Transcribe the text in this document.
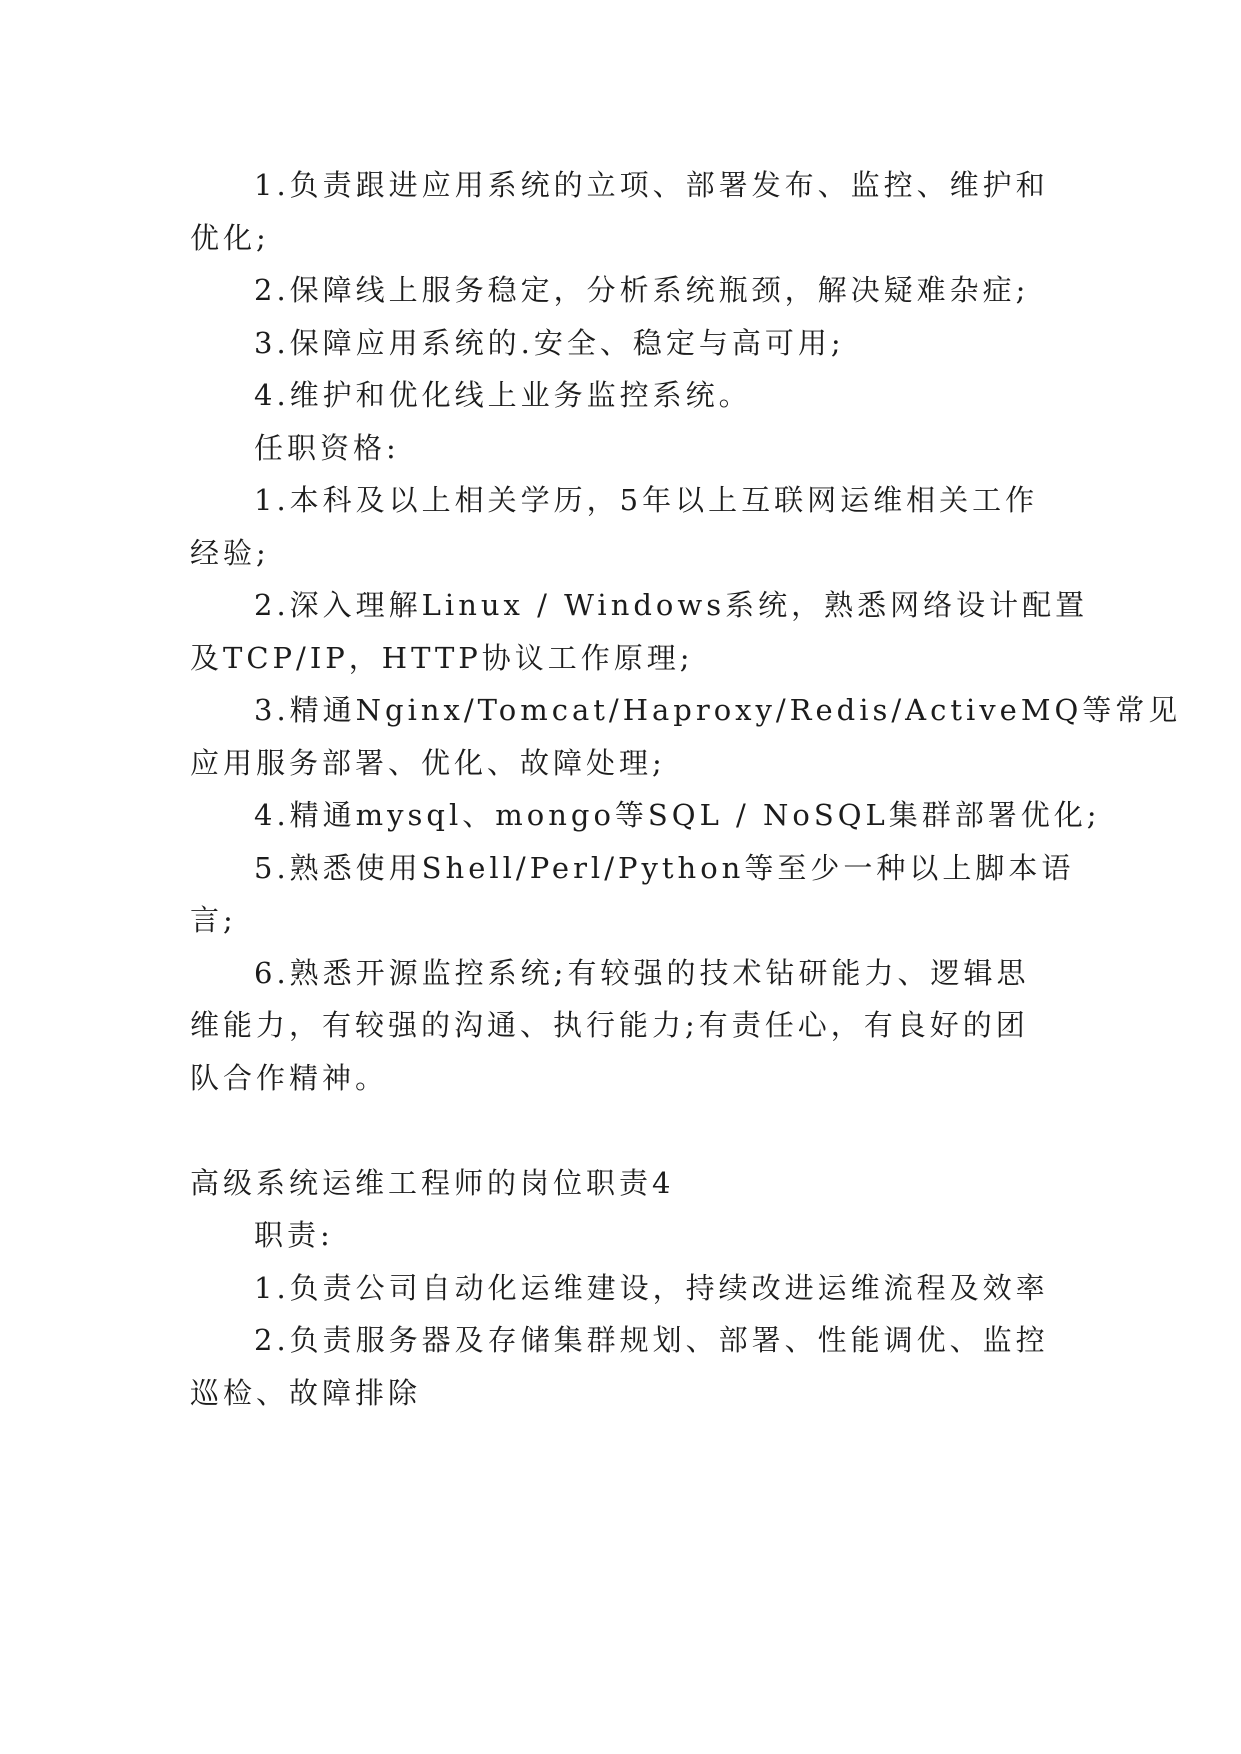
1.负责跟进应用系统的立项、部署发布、监控、维护和
优化;
2.保障线上服务稳定，分析系统瓶颈，解决疑难杂症;
3.保障应用系统的.安全、稳定与高可用;
4.维护和优化线上业务监控系统。
任职资格:
1.本科及以上相关学历，5年以上互联网运维相关工作
经验;
2.深入理解Linux / Windows系统，熟悉网络设计配置
及TCP/IP，HTTP协议工作原理;
3.精通Nginx/Tomcat/Haproxy/Redis/ActiveMQ等常见
应用服务部署、优化、故障处理;
4.精通mysql、mongo等SQL / NoSQL集群部署优化;
5.熟悉使用Shell/Perl/Python等至少一种以上脚本语
言;
6.熟悉开源监控系统;有较强的技术钻研能力、逻辑思
维能力，有较强的沟通、执行能力;有责任心，有良好的团
队合作精神。
高级系统运维工程师的岗位职责4
职责:
1.负责公司自动化运维建设，持续改进运维流程及效率
2.负责服务器及存储集群规划、部署、性能调优、监控
巡检、故障排除
